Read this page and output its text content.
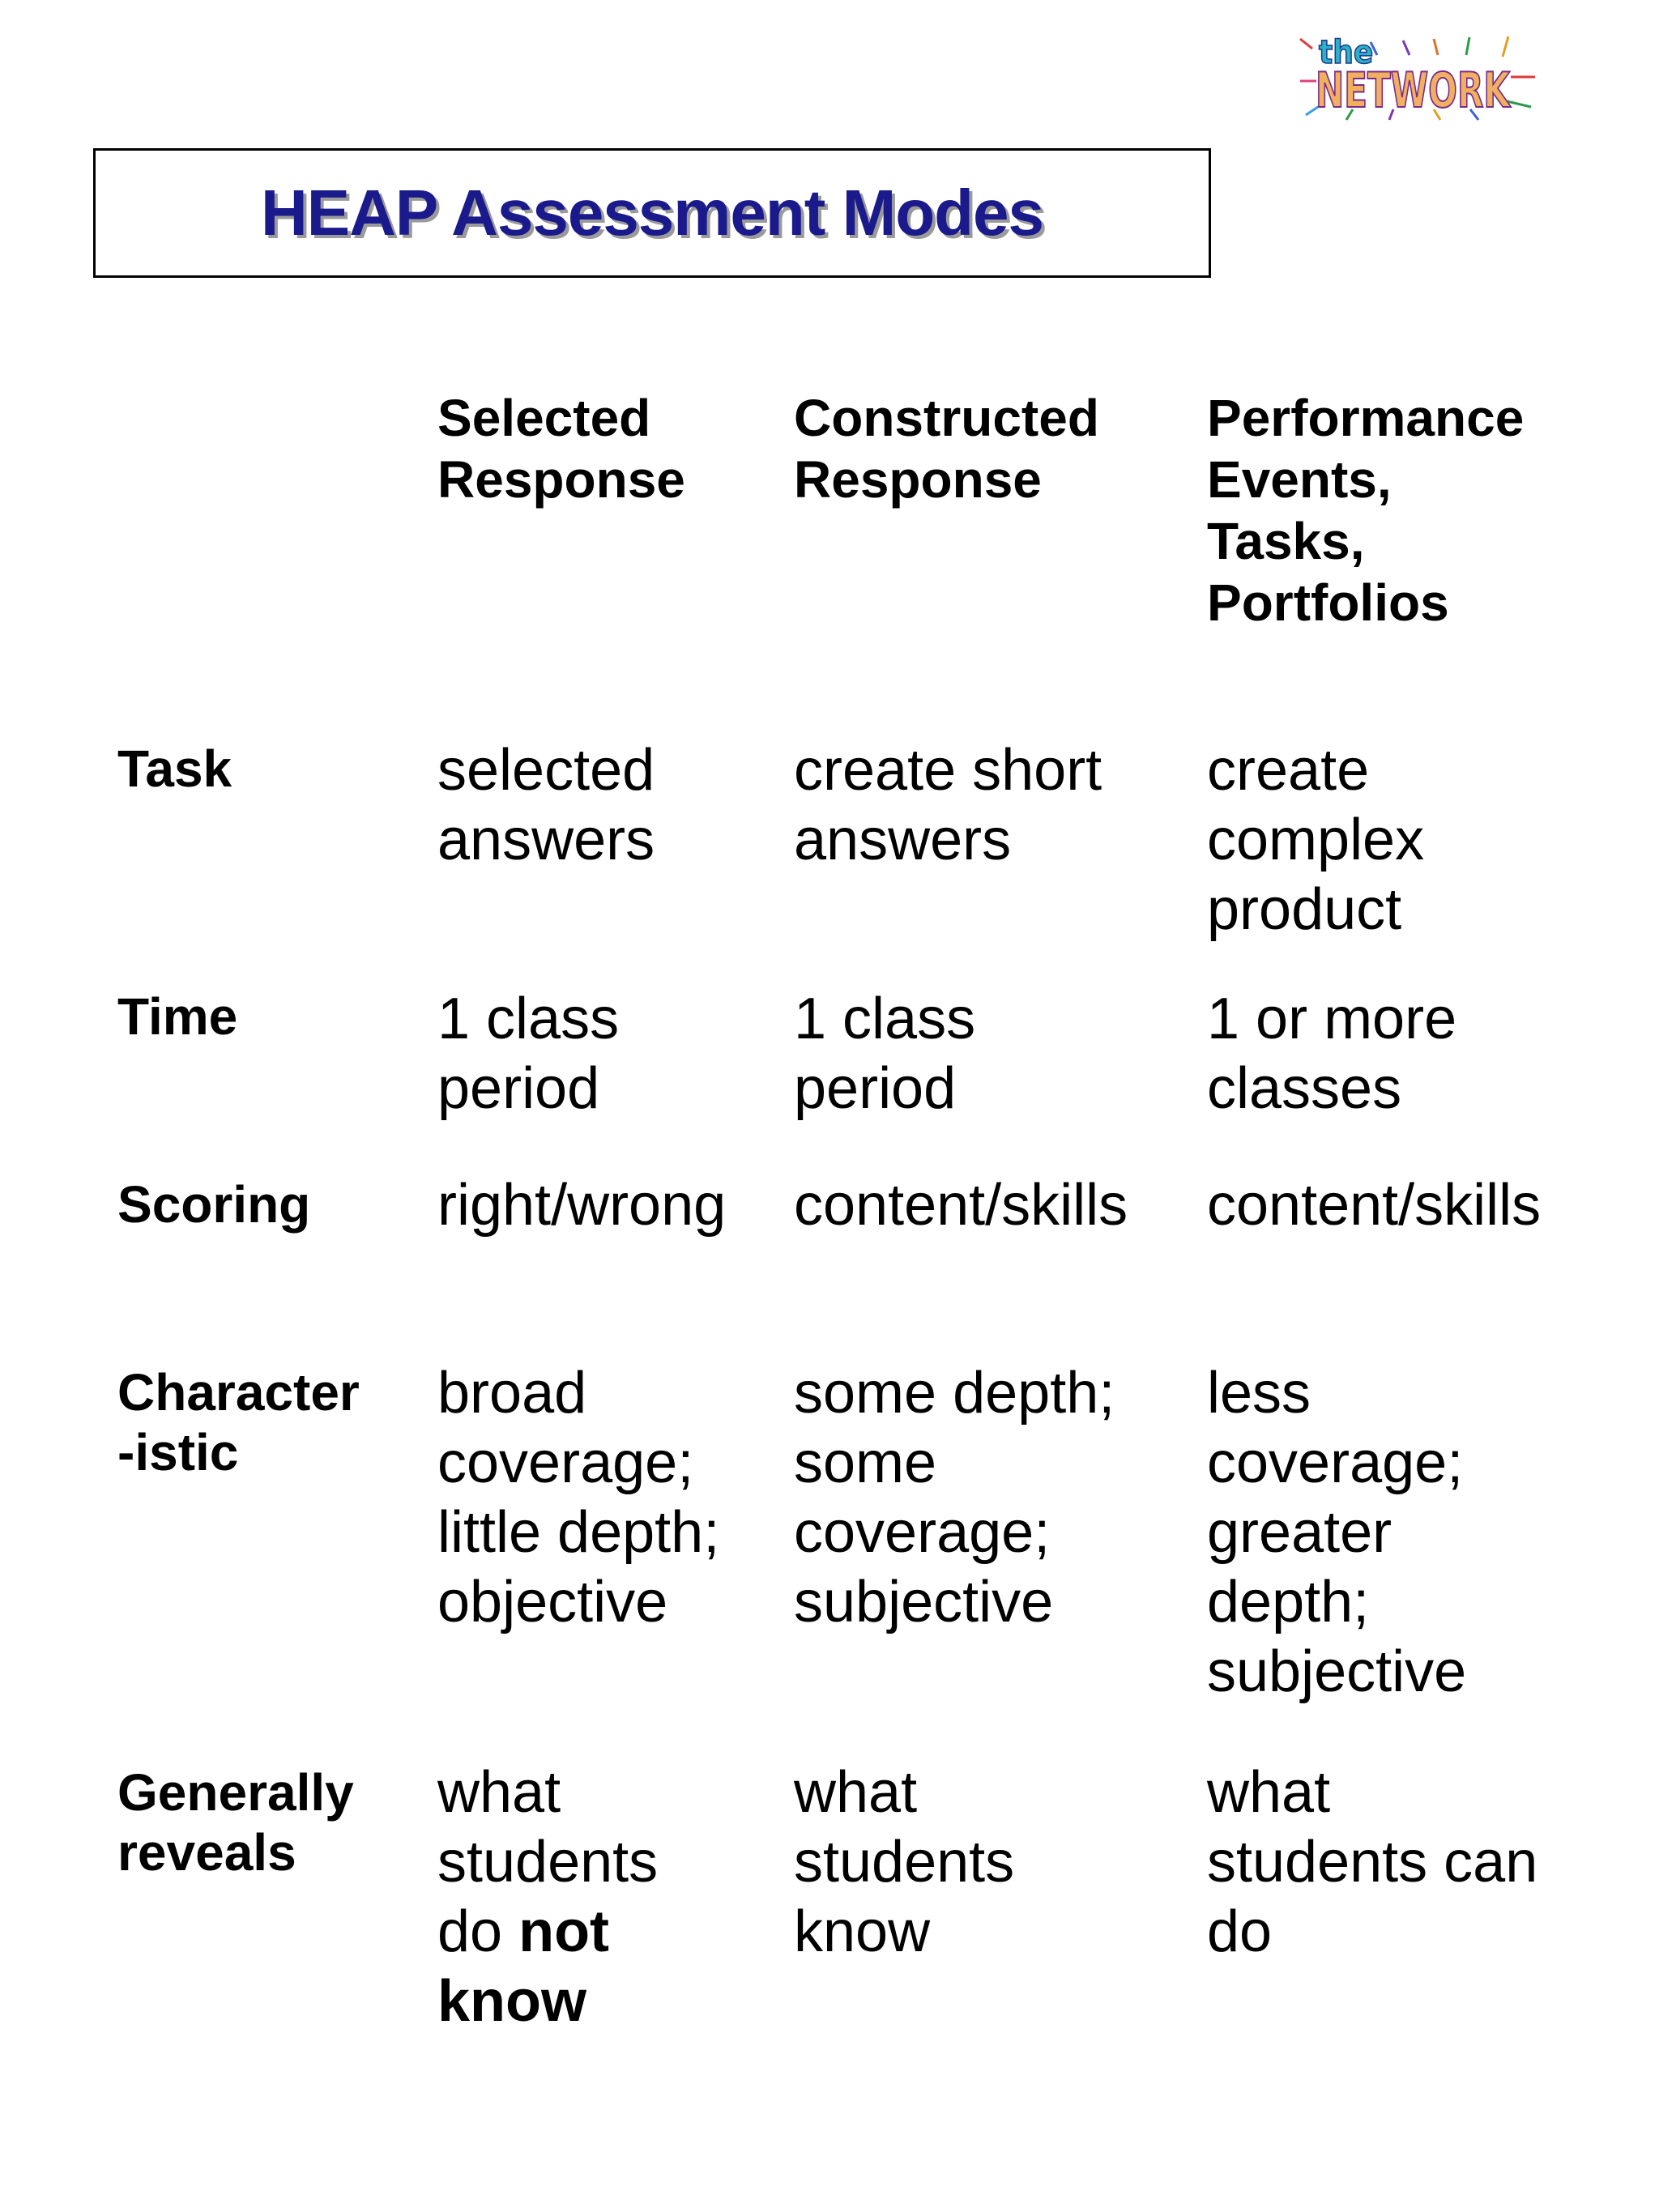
the
NETWORK
HEAP Assessment Modes
Selected
Response
Constructed
Response
Performance
Events,
Tasks,
Portfolios
Task	selected
answers
create short
answers
create
complex
product
Time	1 class
period
1 class
period
1 or more
classes
Scoring right/wrong content/skills content/skills
Character
-istic
broad
coverage;
little depth;
objective
some depth;
some
coverage;
subjective
less
coverage;
greater
depth;
subjective
Generally
reveals
what
students
do not
know
what
students
know
what
students can
do
